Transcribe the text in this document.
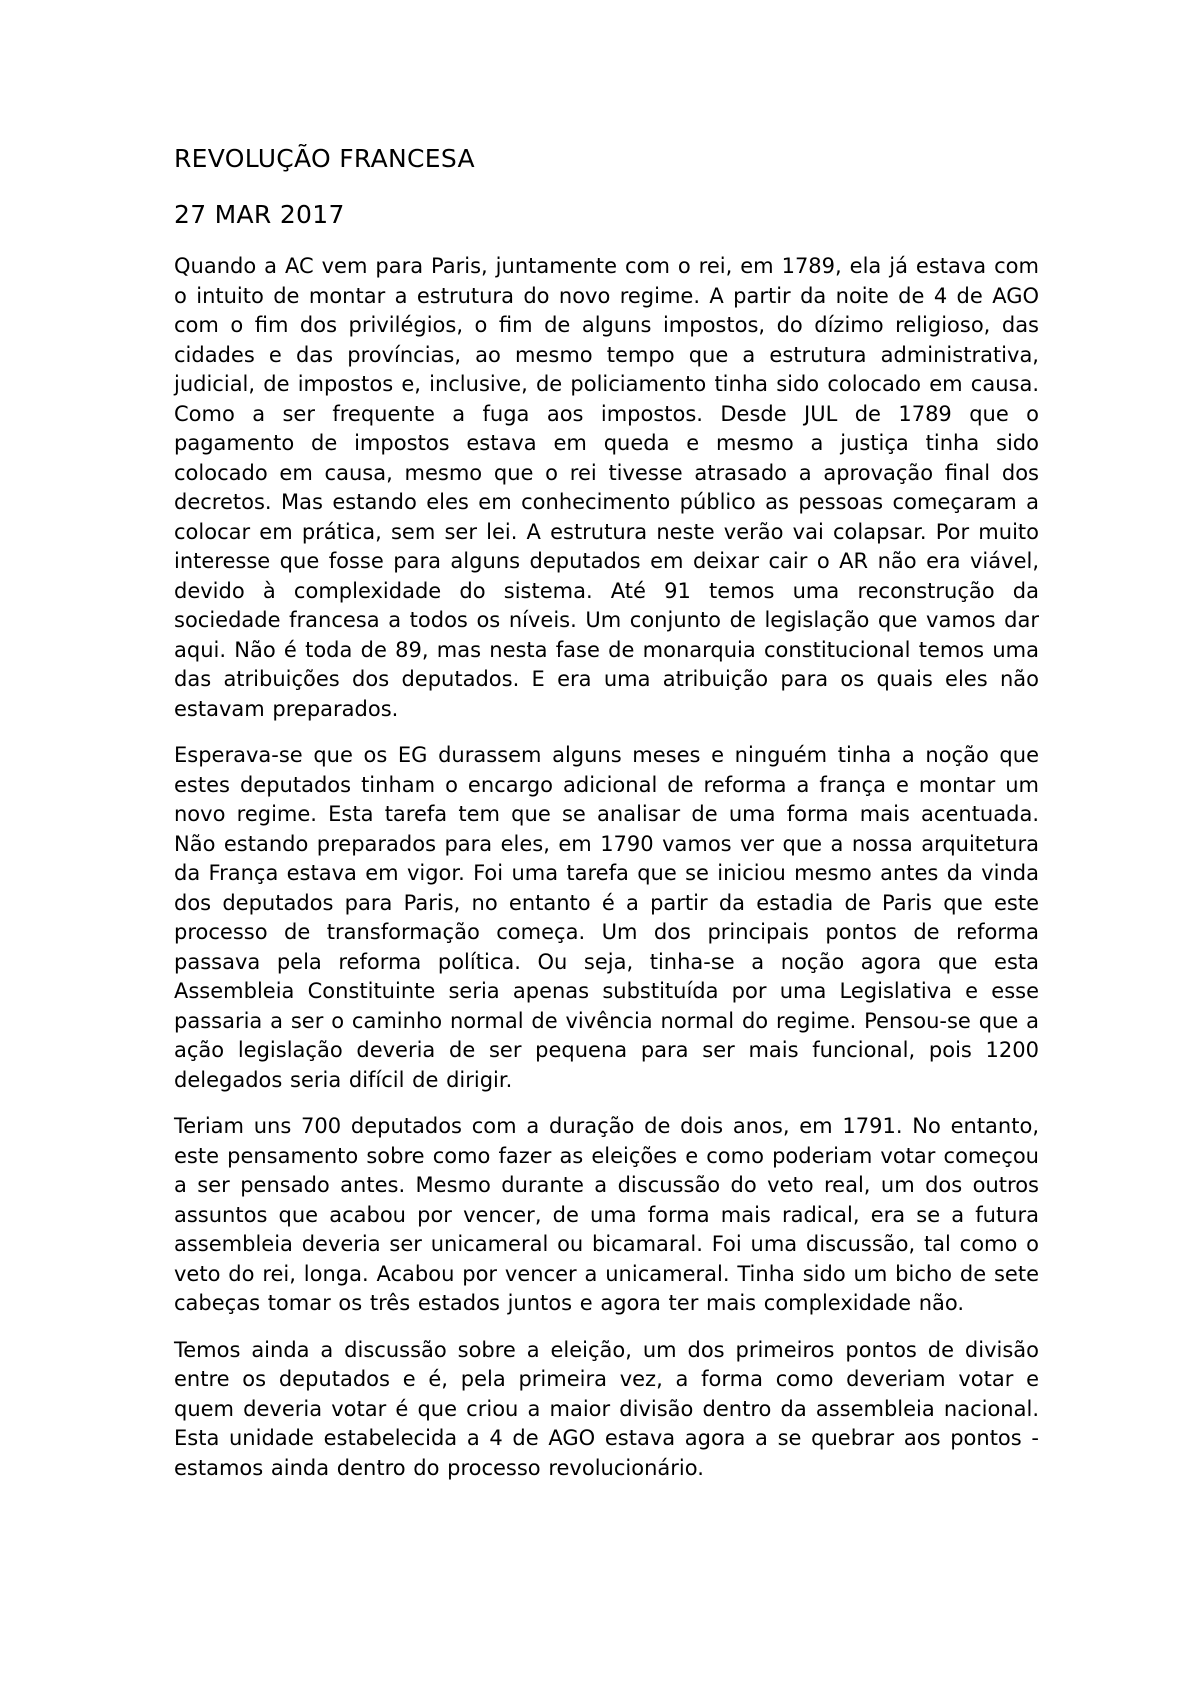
REVOLUÇÃO FRANCESA
27 MAR 2017

Quando a AC vem para Paris, juntamente com o rei, em 1789, ela já estava com o intuito de montar a estrutura do novo regime. A partir da noite de 4 de AGO com o fim dos privilégios, o fim de alguns impostos, do dízimo religioso, das cidades e das províncias, ao mesmo tempo que a estrutura administrativa, judicial, de impostos e, inclusive, de policiamento tinha sido colocado em causa. Como a ser frequente a fuga aos impostos. Desde JUL de 1789 que o pagamento de impostos estava em queda e mesmo a justiça tinha sido colocado em causa, mesmo que o rei tivesse atrasado a aprovação final dos decretos. Mas estando eles em conhecimento público as pessoas começaram a colocar em prática, sem ser lei. A estrutura neste verão vai colapsar. Por muito interesse que fosse para alguns deputados em deixar cair o AR não era viável, devido à complexidade do sistema. Até 91 temos uma reconstrução da sociedade francesa a todos os níveis. Um conjunto de legislação que vamos dar aqui. Não é toda de 89, mas nesta fase de monarquia constitucional temos uma das atribuições dos deputados. E era uma atribuição para os quais eles não estavam preparados.

Esperava-se que os EG durassem alguns meses e ninguém tinha a noção que estes deputados tinham o encargo adicional de reforma a frança e montar um novo regime. Esta tarefa tem que se analisar de uma forma mais acentuada. Não estando preparados para eles, em 1790 vamos ver que a nossa arquitetura da França estava em vigor. Foi uma tarefa que se iniciou mesmo antes da vinda dos deputados para Paris, no entanto é a partir da estadia de Paris que este processo de transformação começa. Um dos principais pontos de reforma passava pela reforma política. Ou seja, tinha-se a noção agora que esta Assembleia Constituinte seria apenas substituída por uma Legislativa e esse passaria a ser o caminho normal de vivência normal do regime. Pensou-se que a ação legislação deveria de ser pequena para ser mais funcional, pois 1200 delegados seria difícil de dirigir.

Teriam uns 700 deputados com a duração de dois anos, em 1791. No entanto, este pensamento sobre como fazer as eleições e como poderiam votar começou a ser pensado antes. Mesmo durante a discussão do veto real, um dos outros assuntos que acabou por vencer, de uma forma mais radical, era se a futura assembleia deveria ser unicameral ou bicamaral. Foi uma discussão, tal como o veto do rei, longa. Acabou por vencer a unicameral. Tinha sido um bicho de sete cabeças tomar os três estados juntos e agora ter mais complexidade não.

Temos ainda a discussão sobre a eleição, um dos primeiros pontos de divisão entre os deputados e é, pela primeira vez, a forma como deveriam votar e quem deveria votar é que criou a maior divisão dentro da assembleia nacional. Esta unidade estabelecida a 4 de AGO estava agora a se quebrar aos pontos - estamos ainda dentro do processo revolucionário.
